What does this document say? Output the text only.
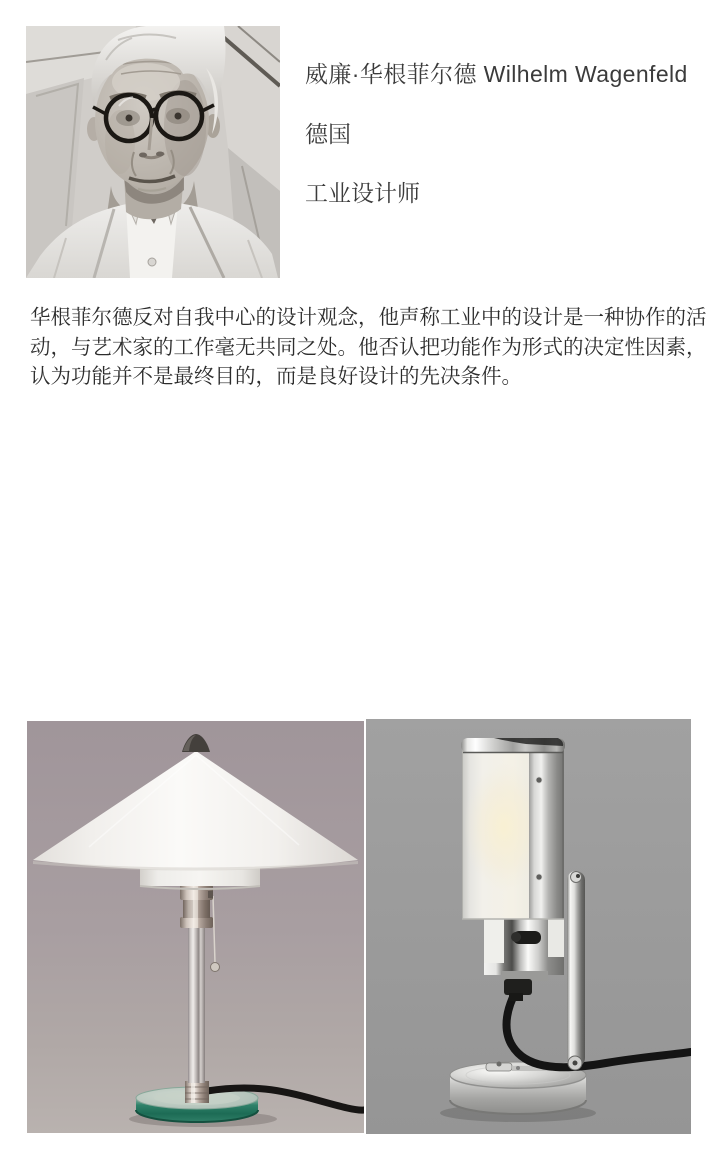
威廉·华根菲尔德 Wilhelm Wagenfeld
德国
工业设计师
华根菲尔德反对自我中心的设计观念，他声称工业中的设计是一种协作的活
动，与艺术家的工作毫无共同之处。他否认把功能作为形式的决定性因素，
认为功能并不是最终目的，而是良好设计的先决条件。
